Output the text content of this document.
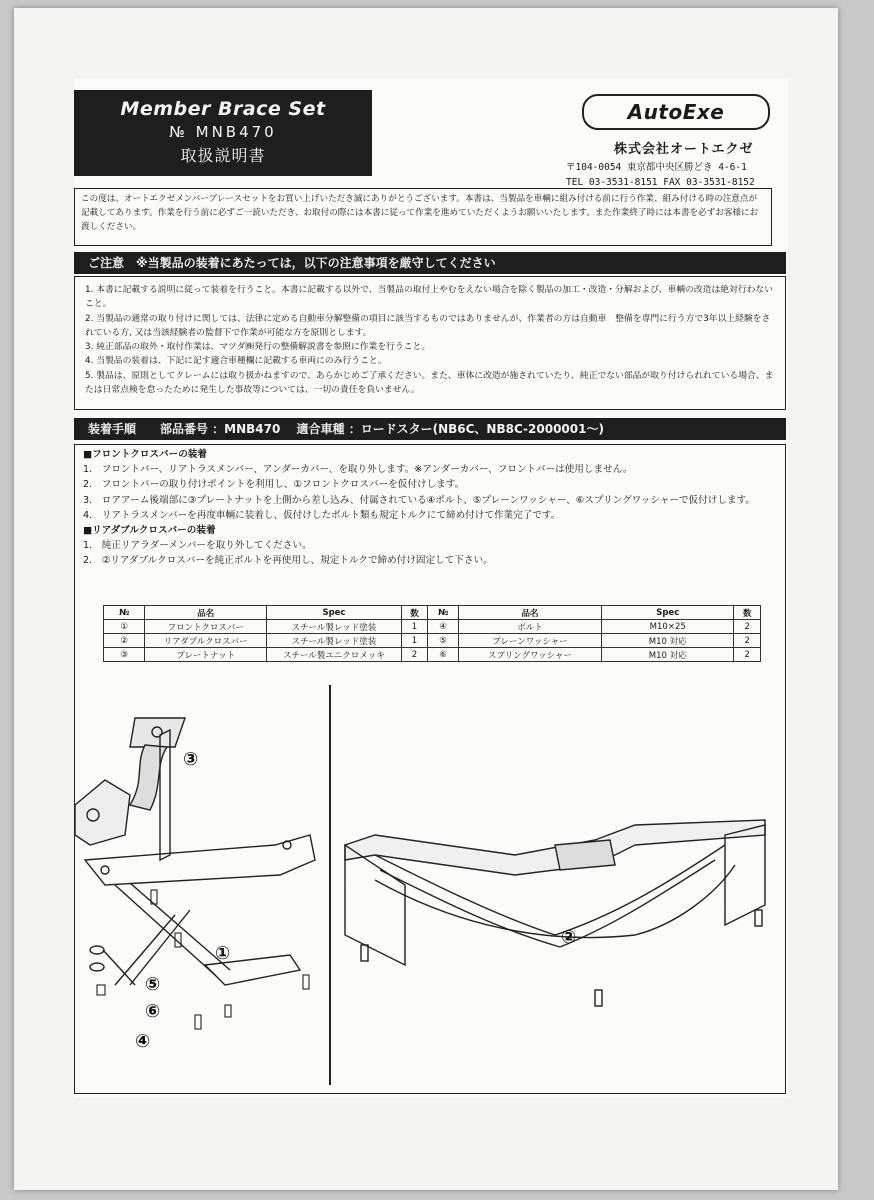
Member Brace Set
№ MNB470
取扱説明書
AutoExe
株式会社オートエクゼ
〒104-0054 東京都中央区勝どき 4-6-1
TEL 03-3531-8151 FAX 03-3531-8152
この度は、オートエクゼメンバーブレースセットをお買い上げいただき誠にありがとうございます。本書は、当製品を車輌に組み付ける前に行う作業、組み付ける時の注意点が記載してあります。作業を行う前に必ずご一読いただき、お取付の際には本書に従って作業を進めていただくようお願いいたします。また作業終了時には本書を必ずお客様にお渡しください。
ご注意　※当製品の装着にあたっては，以下の注意事項を厳守してください

1. 本書に記載する説明に従って装着を行うこと。本書に記載する以外で、当製品の取付上やむをえない場合を除く製品の加工・改造・分解および、車輌の改造は絶対行わないこと。

2. 当製品の通常の取り付けに関しては、法律に定める自動車分解整備の項目に該当するものではありませんが、作業者の方は自動車　整備を専門に行う方で3年以上経験をされている方, 又は当該経験者の監督下で作業が可能な方を原則とします。

3. 純正部品の取外・取付作業は、マツダ㈱発行の整備解説書を参照に作業を行うこと。

4. 当製品の装着は、下記に記す適合車種欄に記載する車両にのみ行うこと。

5. 製品は、原則としてクレームには取り扱かねますので、あらかじめご了承ください。また、車体に改造が施されていたり、純正でない部品が取り付けられれている場合、または日常点検を怠ったために発生した事故等については、一切の責任を負いません。

装着手順　　部品番号 ：MNB470　 適合車種 ：ロードスター(NB6C、NB8C-2000001～)

■フロントクロスバーの装着

1.　フロントバー、リアトラスメンバー、アンダーカバー、を取り外します。※アンダーカバー、フロントバーは使用しません。

2.　フロントバーの取り付けポイントを利用し、①フロントクロスバーを仮付けします。

3.　ロアアーム後端部に③プレートナットを上側から差し込み、付属されている④ボルト、⑤プレーンワッシャー、⑥スプリングワッシャーで仮付けします。

4.　リアトラスメンバーを再度車輌に装着し、仮付けしたボルト類も規定トルクにて締め付けて作業完了です。

■リアダブルクロスバーの装着

1.　純正リアラダーメンバーを取り外してください。

2.　②リアダブルクロスバーを純正ボルトを再使用し、規定トルクで締め付け固定して下さい。

№	品名	Spec	数	№	品名	Spec	数
①	フロントクロスバー	スチール製レッド塗装	1	④	ボルト	M10×25	2
②	リアダブルクロスバー	スチール製レッド塗装	1	⑤	プレーンワッシャー	M10 対応	2
③	プレートナット	スチール製ユニクロメッキ	2	⑥	スプリングワッシャー	M10 対応	2
③
①
⑤
⑥
④
②
